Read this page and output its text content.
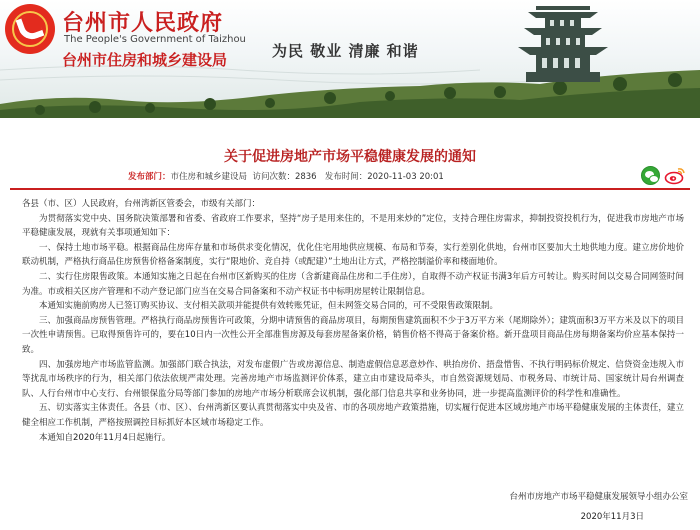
台州市人民政府
The People's Government of Taizhou
台州市住房和城乡建设局	为民 敬业 清廉 和谐
关于促进房地产市场平稳健康发展的通知
发布部门：市住房和城乡建设局 访问次数：2836 发布时间：2020-11-03 20:01

各县（市、区）人民政府，台州湾新区管委会，市级有关部门：

为贯彻落实党中央、国务院决策部署和省委、省政府工作要求，坚持“房子是用来住的，不是用来炒的”定位，支持合理住房需求，抑制投资投机行为，促进我市房地产市场平稳健康发展，现就有关事项通知如下：

一、保持土地市场平稳。根据商品住房库存量和市场供求变化情况，优化住宅用地供应规模、布局和节奏，实行差别化供地，台州市区要加大土地供地力度。建立房价地价联动机制，严格执行商品住房预售价格备案制度，实行“限地价、竞自持（或配建）”土地出让方式，严格控制溢价率和楼面地价。

二、实行住房限售政策。本通知实施之日起在台州市区新购买的住房（含新建商品住房和二手住房），自取得不动产权证书满3年后方可转让。购买时间以交易合同网签时间为准。市或相关区房产管理和不动产登记部门应当在交易合同备案和不动产权证书中标明房屋转让限制信息。

本通知实施前购房人已签订购买协议、支付相关款项并能提供有效转账凭证，但未网签交易合同的，可不受限售政策限制。

三、加强商品房预售管理。严格执行商品房预售许可政策，分期申请预售的商品房项目，每期预售建筑面积不少于3万平方米（尾期除外）；建筑面积3万平方米及以下的项目一次性申请预售。已取得预售许可的，要在10日内一次性公开全部准售房源及每套房屋备案价格，销售价格不得高于备案价格。新开盘项目商品住房每期备案均价应基本保持一致。

四、加强房地产市场监管监测。加强部门联合执法，对发布虚假广告或房源信息、制造虚假信息恶意炒作、哄抬房价、捂盘惜售、不执行明码标价规定、信贷资金违规入市等扰乱市场秩序的行为，相关部门依法依规严肃处理。完善房地产市场监测评价体系，建立由市建设局牵头，市自然资源规划局、市税务局、市统计局、国家统计局台州调查队、人行台州市中心支行、台州银保监分局等部门参加的房地产市场分析联席会议机制，强化部门信息共享和业务协同，进一步提高监测评价的科学性和准确性。

五、切实落实主体责任。各县（市、区）、台州湾新区要认真贯彻落实中央及省、市的各项房地产政策措施，切实履行促进本区域房地产市场平稳健康发展的主体责任，建立健全相应工作机制，严格按照调控目标抓好本区域市场稳定工作。

本通知自2020年11月4日起施行。

台州市房地产市场平稳健康发展领导小组办公室
2020年11月3日
